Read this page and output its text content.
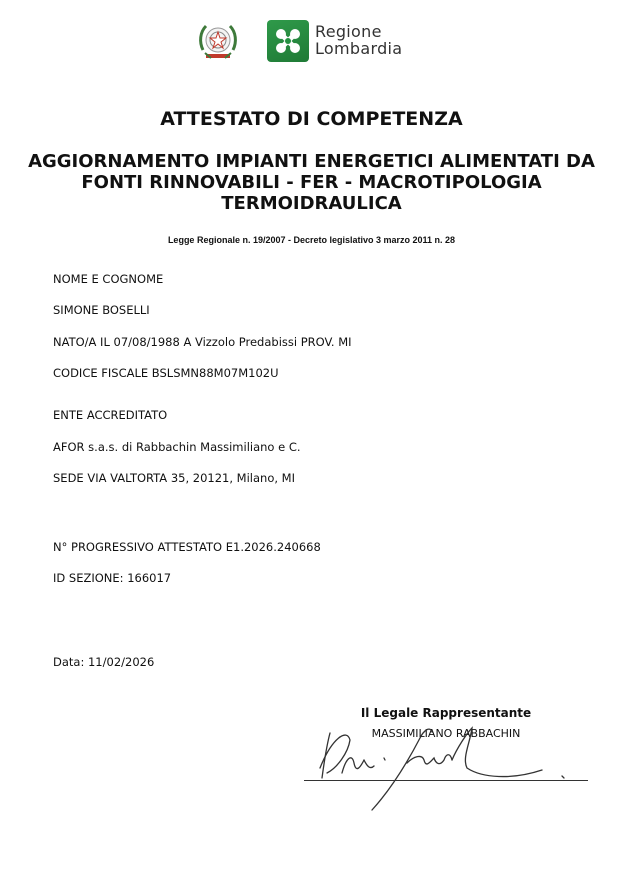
Regione
Lombardia
ATTESTATO DI COMPETENZA
AGGIORNAMENTO IMPIANTI ENERGETICI ALIMENTATI DA
FONTI RINNOVABILI - FER - MACROTIPOLOGIA
TERMOIDRAULICA
Legge Regionale n. 19/2007 - Decreto legislativo 3 marzo 2011 n. 28
NOME E COGNOME
SIMONE BOSELLI
NATO/A IL 07/08/1988 A Vizzolo Predabissi PROV. MI
CODICE FISCALE BSLSMN88M07M102U
ENTE ACCREDITATO
AFOR s.a.s. di Rabbachin Massimiliano e C.
SEDE VIA VALTORTA 35, 20121, Milano, MI
N° PROGRESSIVO ATTESTATO E1.2026.240668
ID SEZIONE: 166017
Data: 11/02/2026
Il Legale Rappresentante
MASSIMILIANO RABBACHIN
